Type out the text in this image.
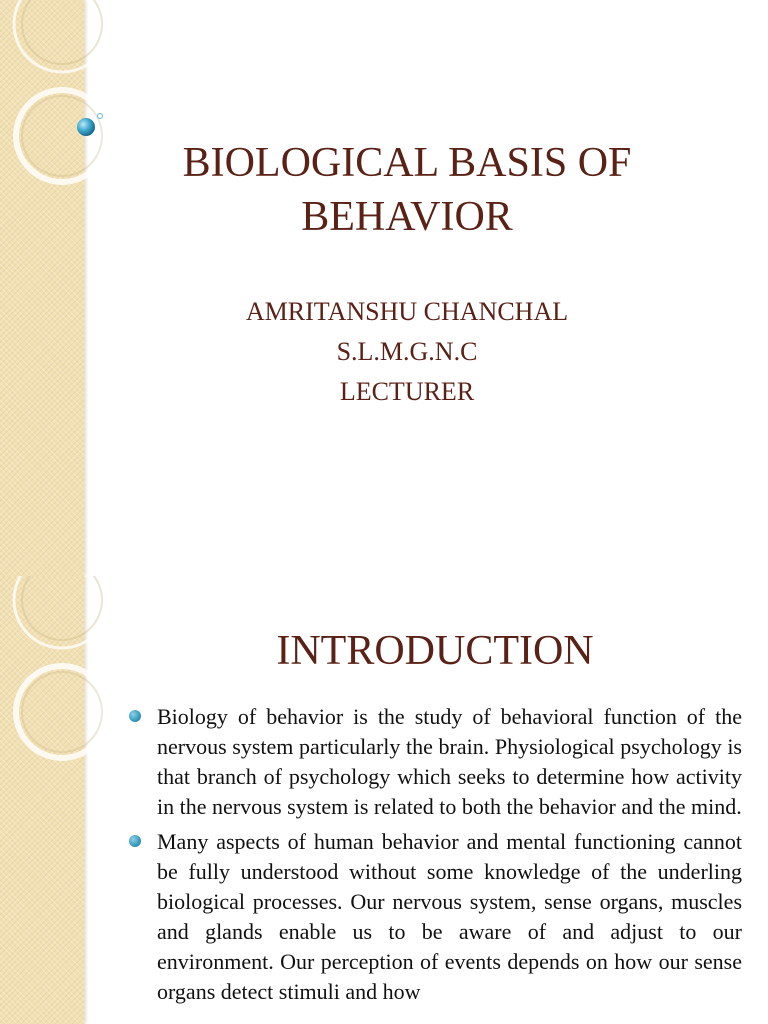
BIOLOGICAL BASIS OF
BEHAVIOR
AMRITANSHU CHANCHAL
S.L.M.G.N.C
LECTURER
INTRODUCTION
Biology of behavior is the study of behavioral function of the nervous system particularly the brain. Physiological psychology is that branch of psychology which seeks to determine how activity in the nervous system is related to both the behavior and the mind.
Many aspects of human behavior and mental functioning cannot be fully understood without some knowledge of the underling biological processes. Our nervous system, sense organs, muscles and glands enable us to be aware of and adjust to our environment. Our perception of events depends on how our sense organs detect stimuli and how
